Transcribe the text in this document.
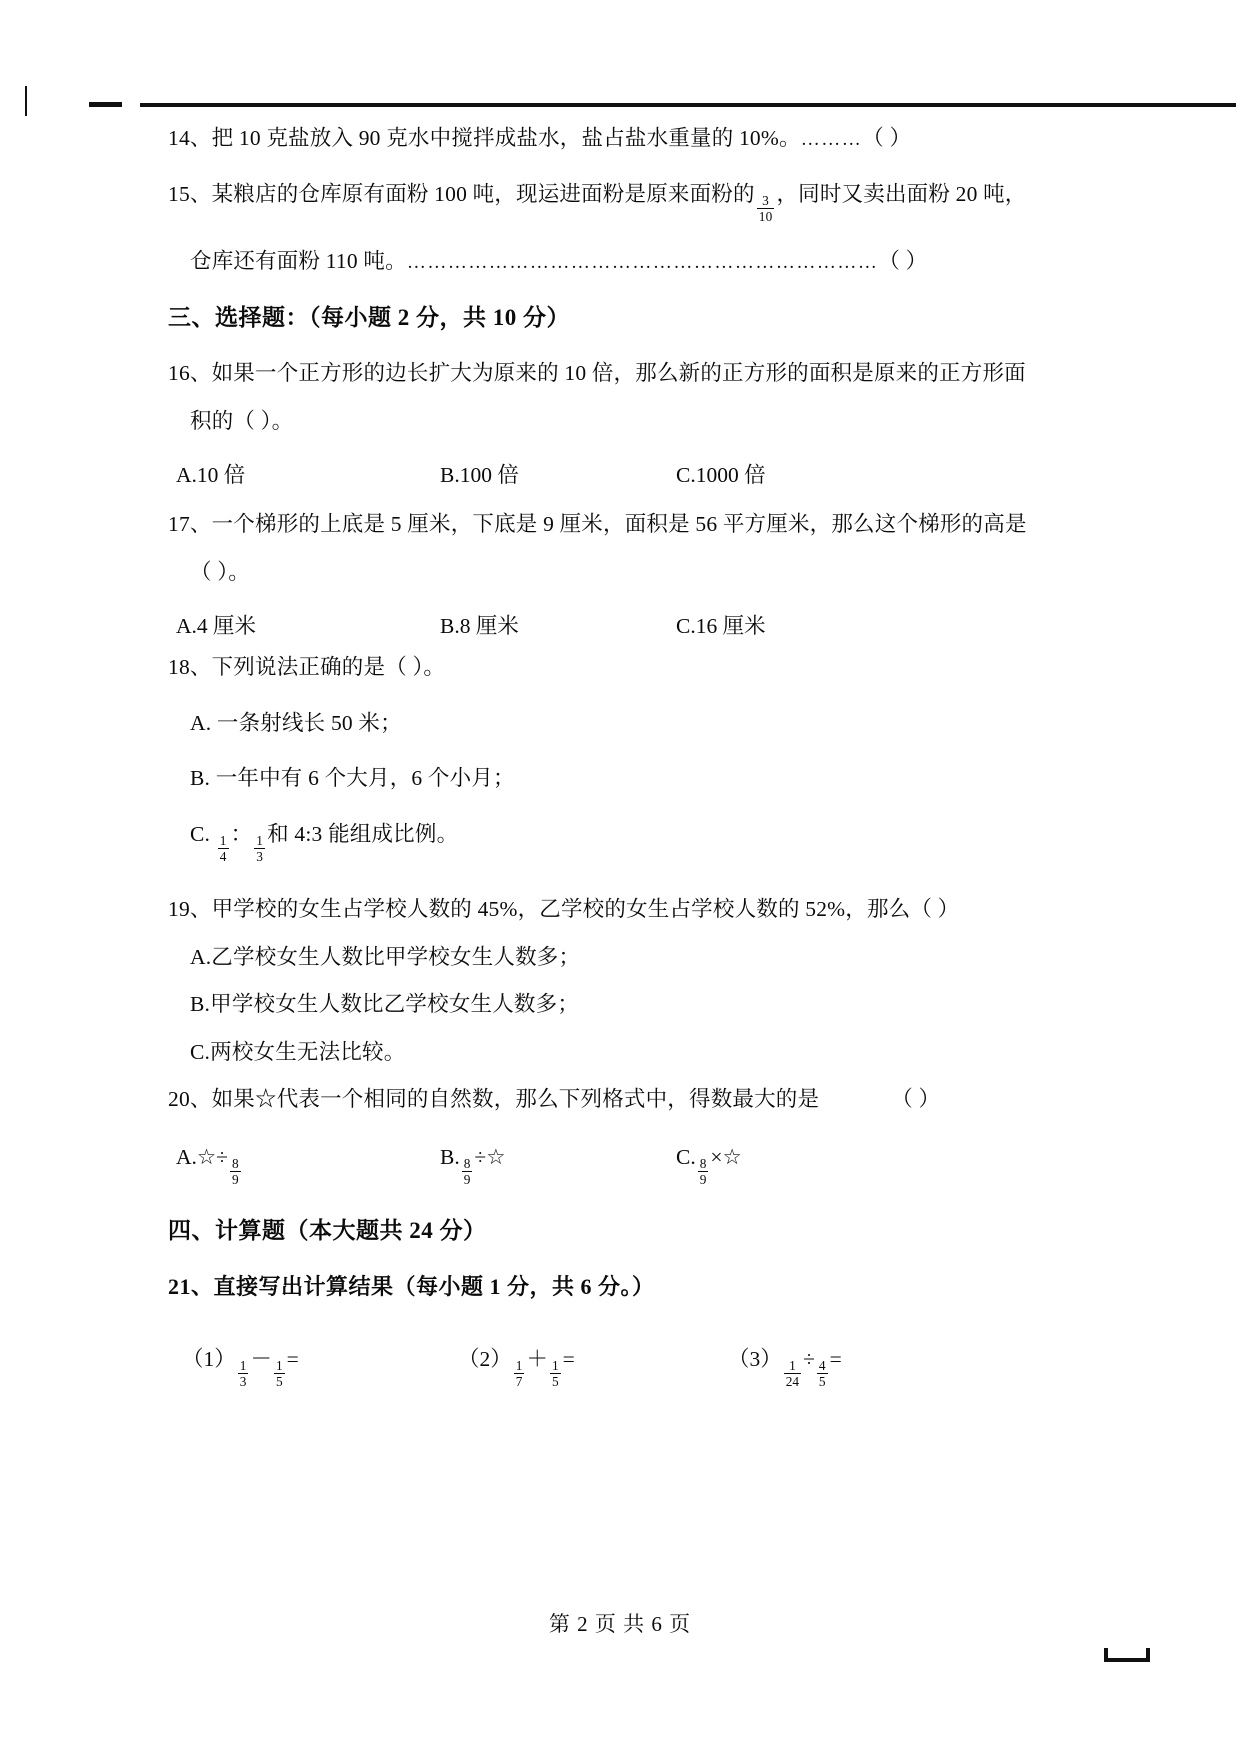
14、把 10 克盐放入 90 克水中搅拌成盐水，盐占盐水重量的 10%。………（ ）
15、某粮店的仓库原有面粉 100 吨，现运进面粉是原来面粉的
$\frac{3}{10}$
，同时又卖出面粉 20 吨，
仓库还有面粉 110 吨。……………………………………………………………（ ）
三、选择题：（每小题 2 分，共 10 分）
16、如果一个正方形的边长扩大为原来的 10 倍，那么新的正方形的面积是原来的正方形面
积的（ ）。
A.10 倍	B.100 倍	C.1000 倍
17、一个梯形的上底是 5 厘米，下底是 9 厘米，面积是 56 平方厘米，那么这个梯形的高是
（ ）。
A.4 厘米	B.8 厘米	C.16 厘米
18、下列说法正确的是（ ）。
A. 一条射线长 50 米；
B. 一年中有 6 个大月，6 个小月；
C.
$\frac{1}{4}$
：
$\frac{1}{3}$
和 4:3 能组成比例。
19、甲学校的女生占学校人数的 45%，乙学校的女生占学校人数的 52%，那么（ ）
A.乙学校女生人数比甲学校女生人数多；
B.甲学校女生人数比乙学校女生人数多；
C.两校女生无法比较。
20、如果☆代表一个相同的自然数，那么下列格式中，得数最大的是	（ ）
A.☆÷
$\frac{8}{9}$
B.
$\frac{8}{9}$
÷☆	C.
$\frac{8}{9}$
×☆
四、计算题（本大题共 24 分）
21、直接写出计算结果（每小题 1 分，共 6 分。）
（1）
$\frac{1}{3}$
－
$\frac{1}{5}$
=	（2）
$\frac{1}{7}$
＋
$\frac{1}{5}$
=	（3）
$\frac{1}{24}$
÷
$\frac{4}{5}$
=
第 2 页 共 6 页
